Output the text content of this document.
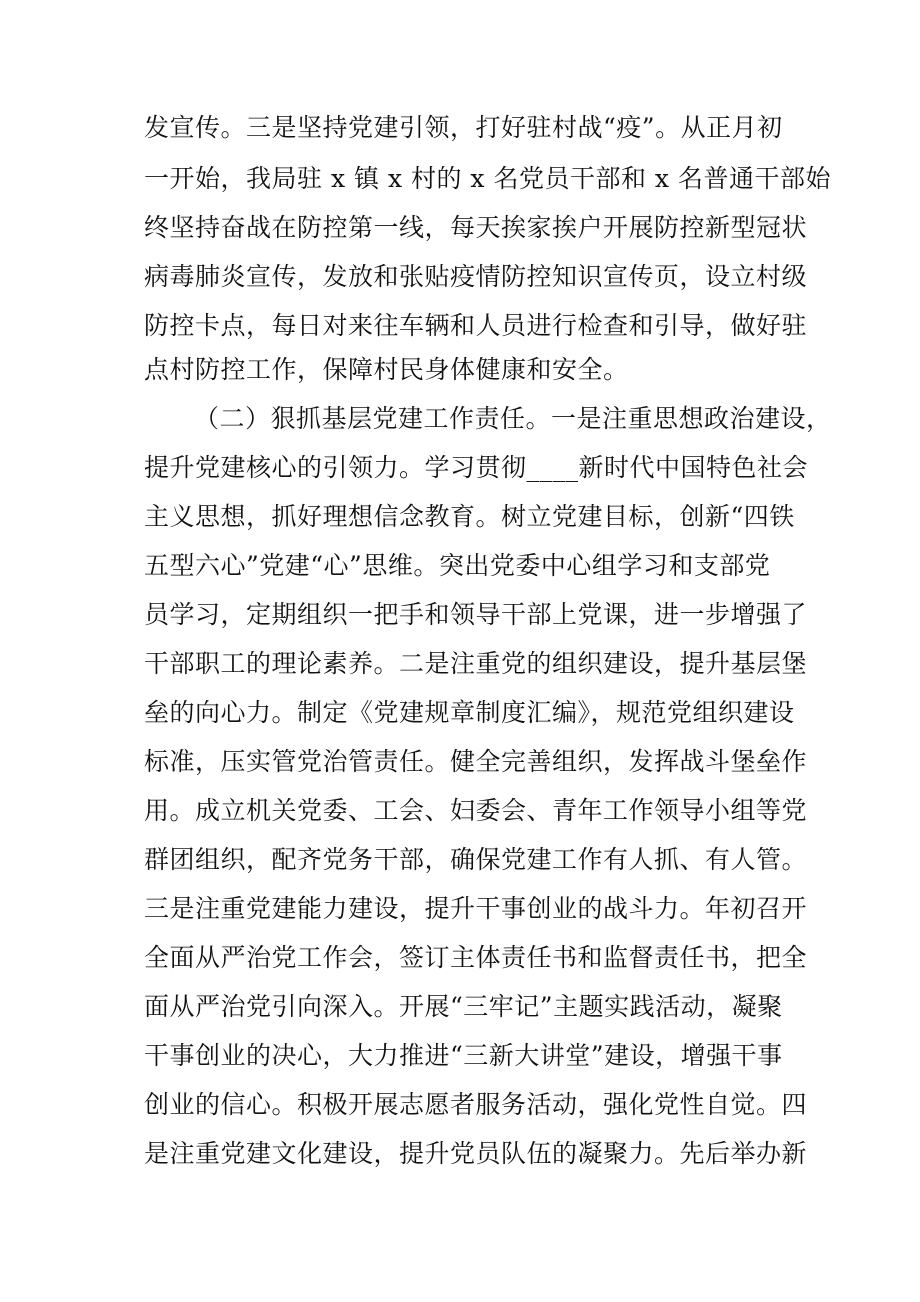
发宣传。三是坚持党建引领，打好驻村战“疫”。从正月初
一开始，我局驻 x 镇 x 村的 x 名党员干部和 x 名普通干部始
终坚持奋战在防控第一线，每天挨家挨户开展防控新型冠状
病毒肺炎宣传，发放和张贴疫情防控知识宣传页，设立村级
防控卡点，每日对来往车辆和人员进行检查和引导，做好驻
点村防控工作，保障村民身体健康和安全。
（二）狠抓基层党建工作责任。一是注重思想政治建设，
提升党建核心的引领力。学习贯彻____新时代中国特色社会
主义思想，抓好理想信念教育。树立党建目标，创新“四铁
五型六心”党建“心”思维。突出党委中心组学习和支部党
员学习，定期组织一把手和领导干部上党课，进一步增强了
干部职工的理论素养。二是注重党的组织建设，提升基层堡
垒的向心力。制定《党建规章制度汇编》，规范党组织建设
标准，压实管党治管责任。健全完善组织，发挥战斗堡垒作
用。成立机关党委、工会、妇委会、青年工作领导小组等党
群团组织，配齐党务干部，确保党建工作有人抓、有人管。
三是注重党建能力建设，提升干事创业的战斗力。年初召开
全面从严治党工作会，签订主体责任书和监督责任书，把全
面从严治党引向深入。开展“三牢记”主题实践活动，凝聚
干事创业的决心，大力推进“三新大讲堂”建设，增强干事
创业的信心。积极开展志愿者服务活动，强化党性自觉。四
是注重党建文化建设，提升党员队伍的凝聚力。先后举办新
